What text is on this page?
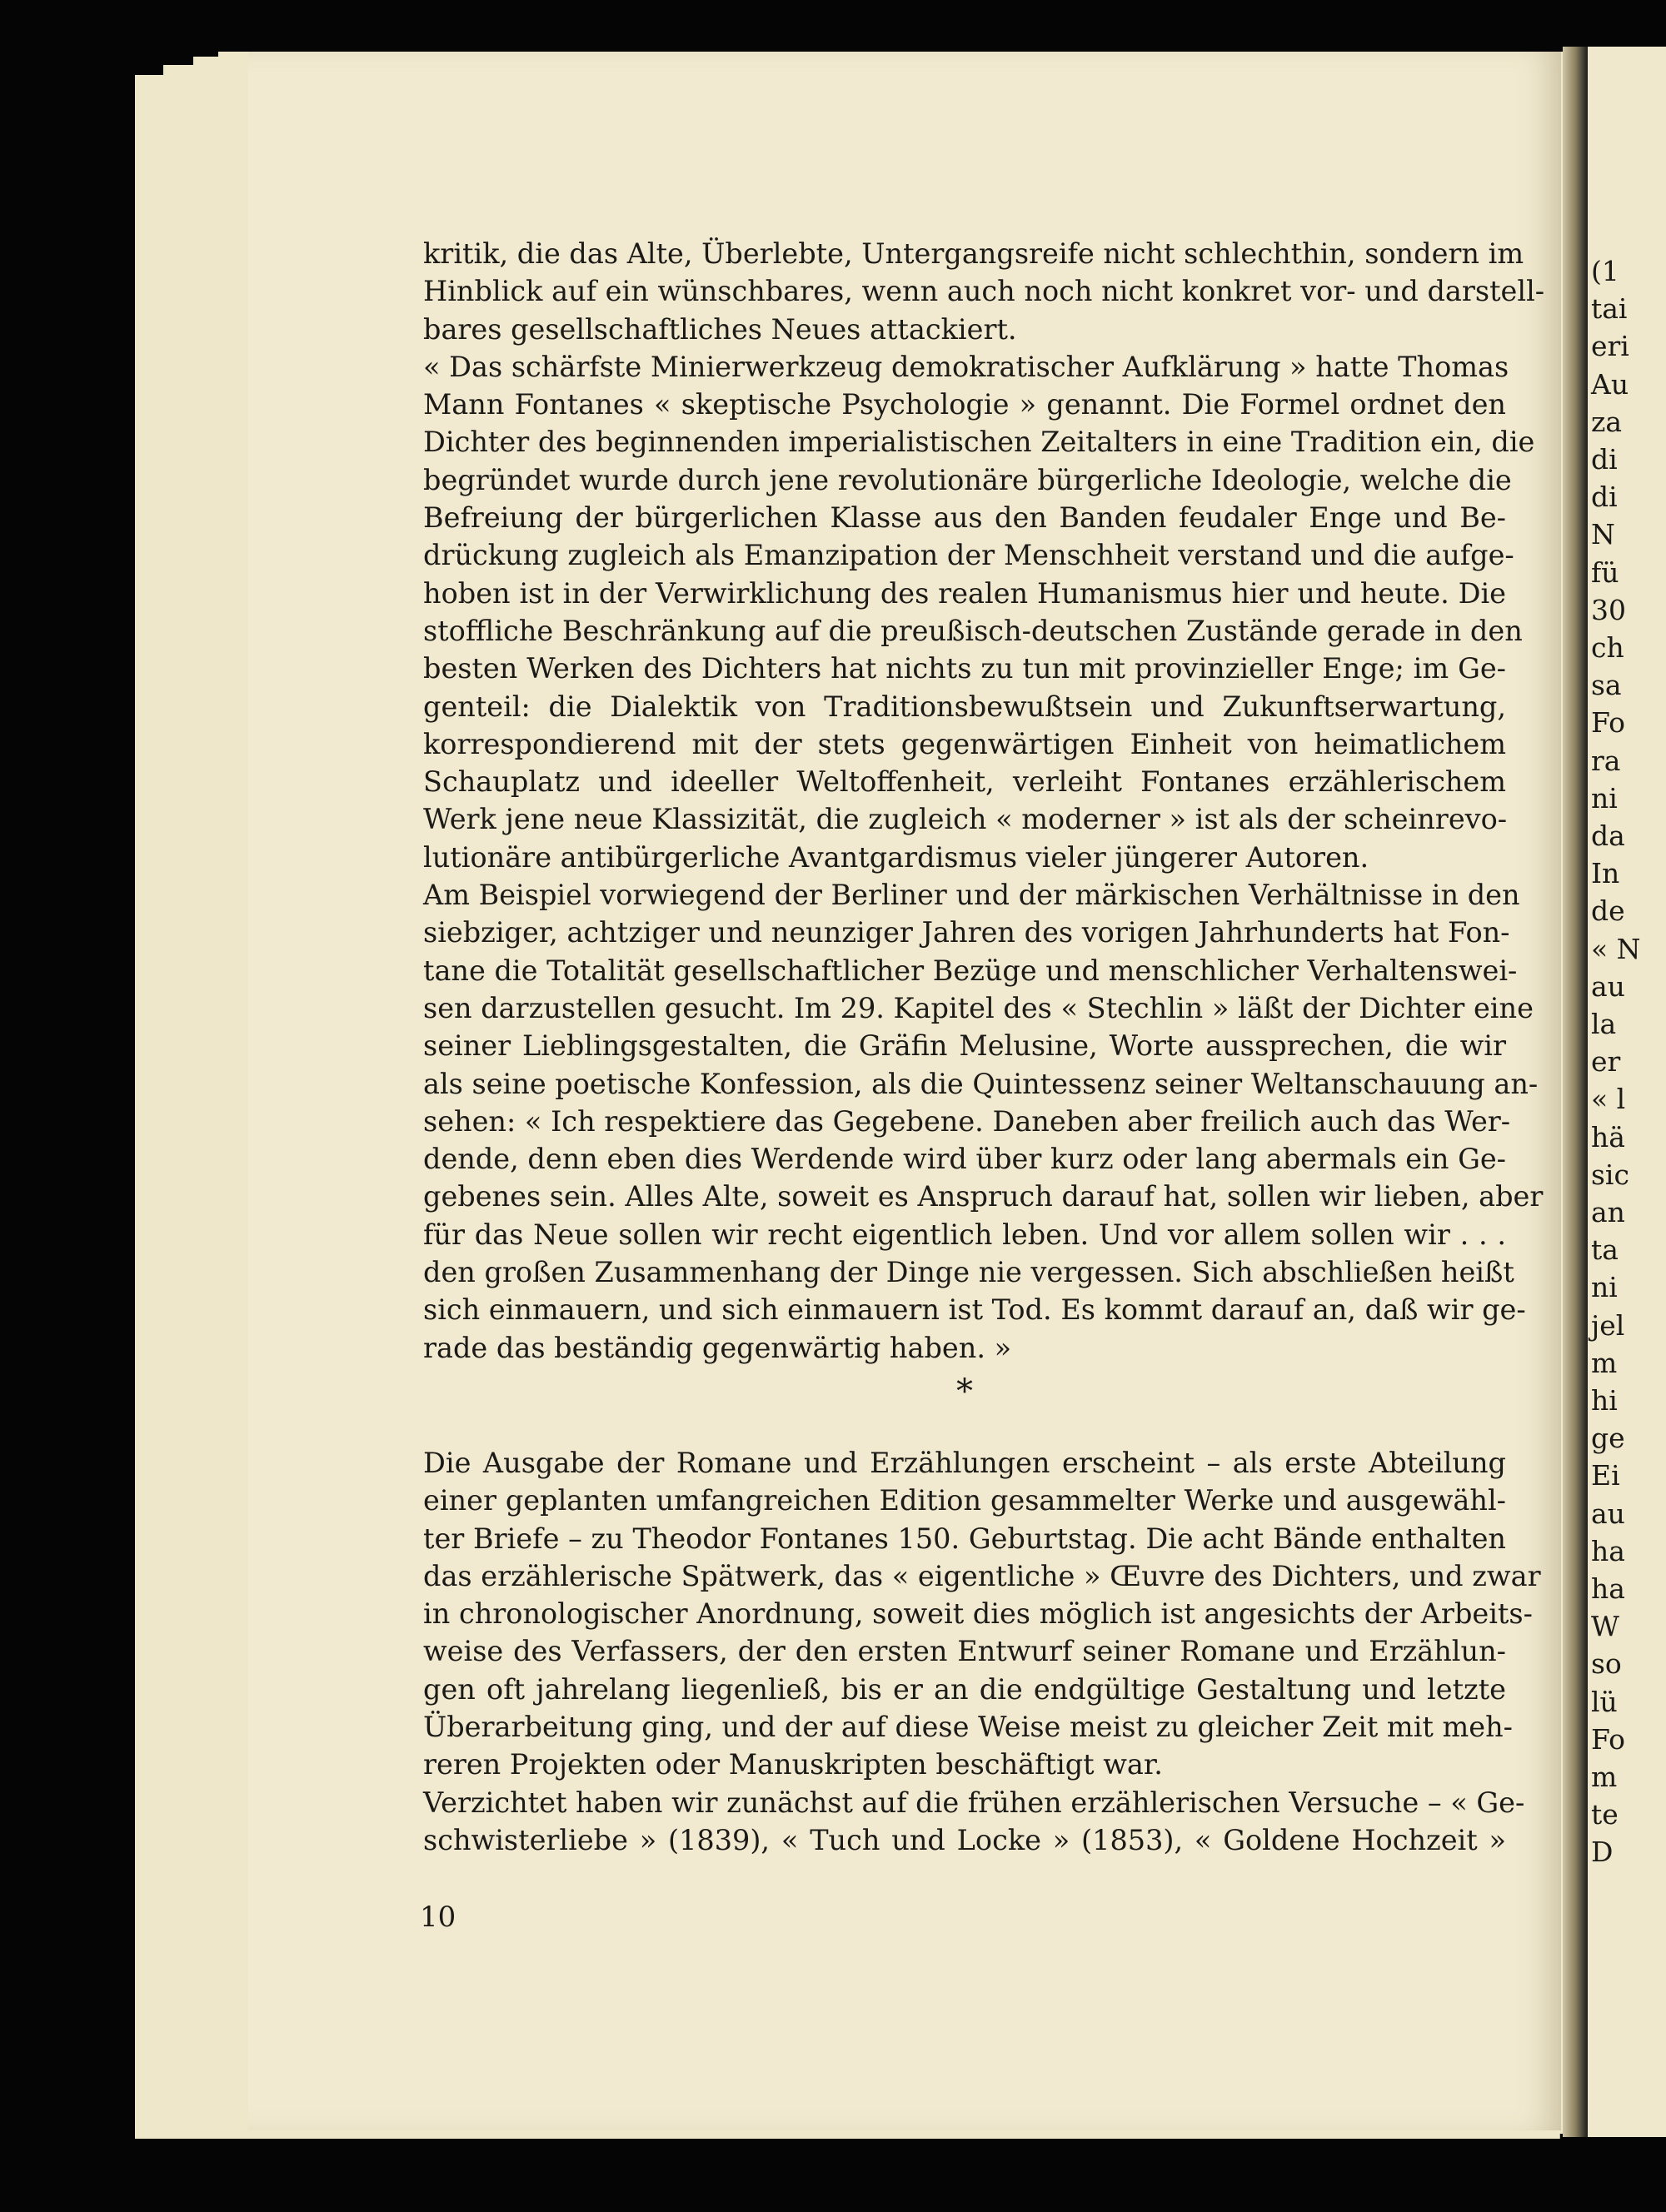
(1
tai
eri
Au
za
di
di
N
fü
30
ch
sa
Fo
ra
ni
da
In
de
« N
au
la
er
« l
hä
sic
an
ta
ni
jel
m
hi
ge
Ei
au
ha
ha
W
so
lü
Fo
m
te
D

kritik, die das Alte, Überlebte, Untergangsreife nicht schlechthin, sondern im
Hinblick auf ein wünschbares, wenn auch noch nicht konkret vor- und darstell-
bares gesellschaftliches Neues attackiert.

« Das schärfste Minierwerkzeug demokratischer Aufklärung » hatte Thomas
Mann Fontanes « skeptische Psychologie » genannt. Die Formel ordnet den
Dichter des beginnenden imperialistischen Zeitalters in eine Tradition ein, die
begründet wurde durch jene revolutionäre bürgerliche Ideologie, welche die
Befreiung der bürgerlichen Klasse aus den Banden feudaler Enge und Be-
drückung zugleich als Emanzipation der Menschheit verstand und die aufge-
hoben ist in der Verwirklichung des realen Humanismus hier und heute. Die
stoffliche Beschränkung auf die preußisch-deutschen Zustände gerade in den
besten Werken des Dichters hat nichts zu tun mit provinzieller Enge; im Ge-
genteil: die Dialektik von Traditionsbewußtsein und Zukunftserwartung,
korrespondierend mit der stets gegenwärtigen Einheit von heimatlichem
Schauplatz und ideeller Weltoffenheit, verleiht Fontanes erzählerischem
Werk jene neue Klassizität, die zugleich « moderner » ist als der scheinrevo-
lutionäre antibürgerliche Avantgardismus vieler jüngerer Autoren.

Am Beispiel vorwiegend der Berliner und der märkischen Verhältnisse in den
siebziger, achtziger und neunziger Jahren des vorigen Jahrhunderts hat Fon-
tane die Totalität gesellschaftlicher Bezüge und menschlicher Verhaltenswei-
sen darzustellen gesucht. Im 29. Kapitel des « Stechlin » läßt der Dichter eine
seiner Lieblingsgestalten, die Gräfin Melusine, Worte aussprechen, die wir
als seine poetische Konfession, als die Quintessenz seiner Weltanschauung an-
sehen: « Ich respektiere das Gegebene. Daneben aber freilich auch das Wer-
dende, denn eben dies Werdende wird über kurz oder lang abermals ein Ge-
gebenes sein. Alles Alte, soweit es Anspruch darauf hat, sollen wir lieben, aber
für das Neue sollen wir recht eigentlich leben. Und vor allem sollen wir . . .
den großen Zusammenhang der Dinge nie vergessen. Sich abschließen heißt
sich einmauern, und sich einmauern ist Tod. Es kommt darauf an, daß wir ge-
rade das beständig gegenwärtig haben. »

*

Die Ausgabe der Romane und Erzählungen erscheint – als erste Abteilung
einer geplanten umfangreichen Edition gesammelter Werke und ausgewähl-
ter Briefe – zu Theodor Fontanes 150. Geburtstag. Die acht Bände enthalten
das erzählerische Spätwerk, das « eigentliche » Œuvre des Dichters, und zwar
in chronologischer Anordnung, soweit dies möglich ist angesichts der Arbeits-
weise des Verfassers, der den ersten Entwurf seiner Romane und Erzählun-
gen oft jahrelang liegenließ, bis er an die endgültige Gestaltung und letzte
Überarbeitung ging, und der auf diese Weise meist zu gleicher Zeit mit meh-
reren Projekten oder Manuskripten beschäftigt war.

Verzichtet haben wir zunächst auf die frühen erzählerischen Versuche – « Ge-
schwisterliebe » (1839), « Tuch und Locke » (1853), « Goldene Hochzeit »

10
